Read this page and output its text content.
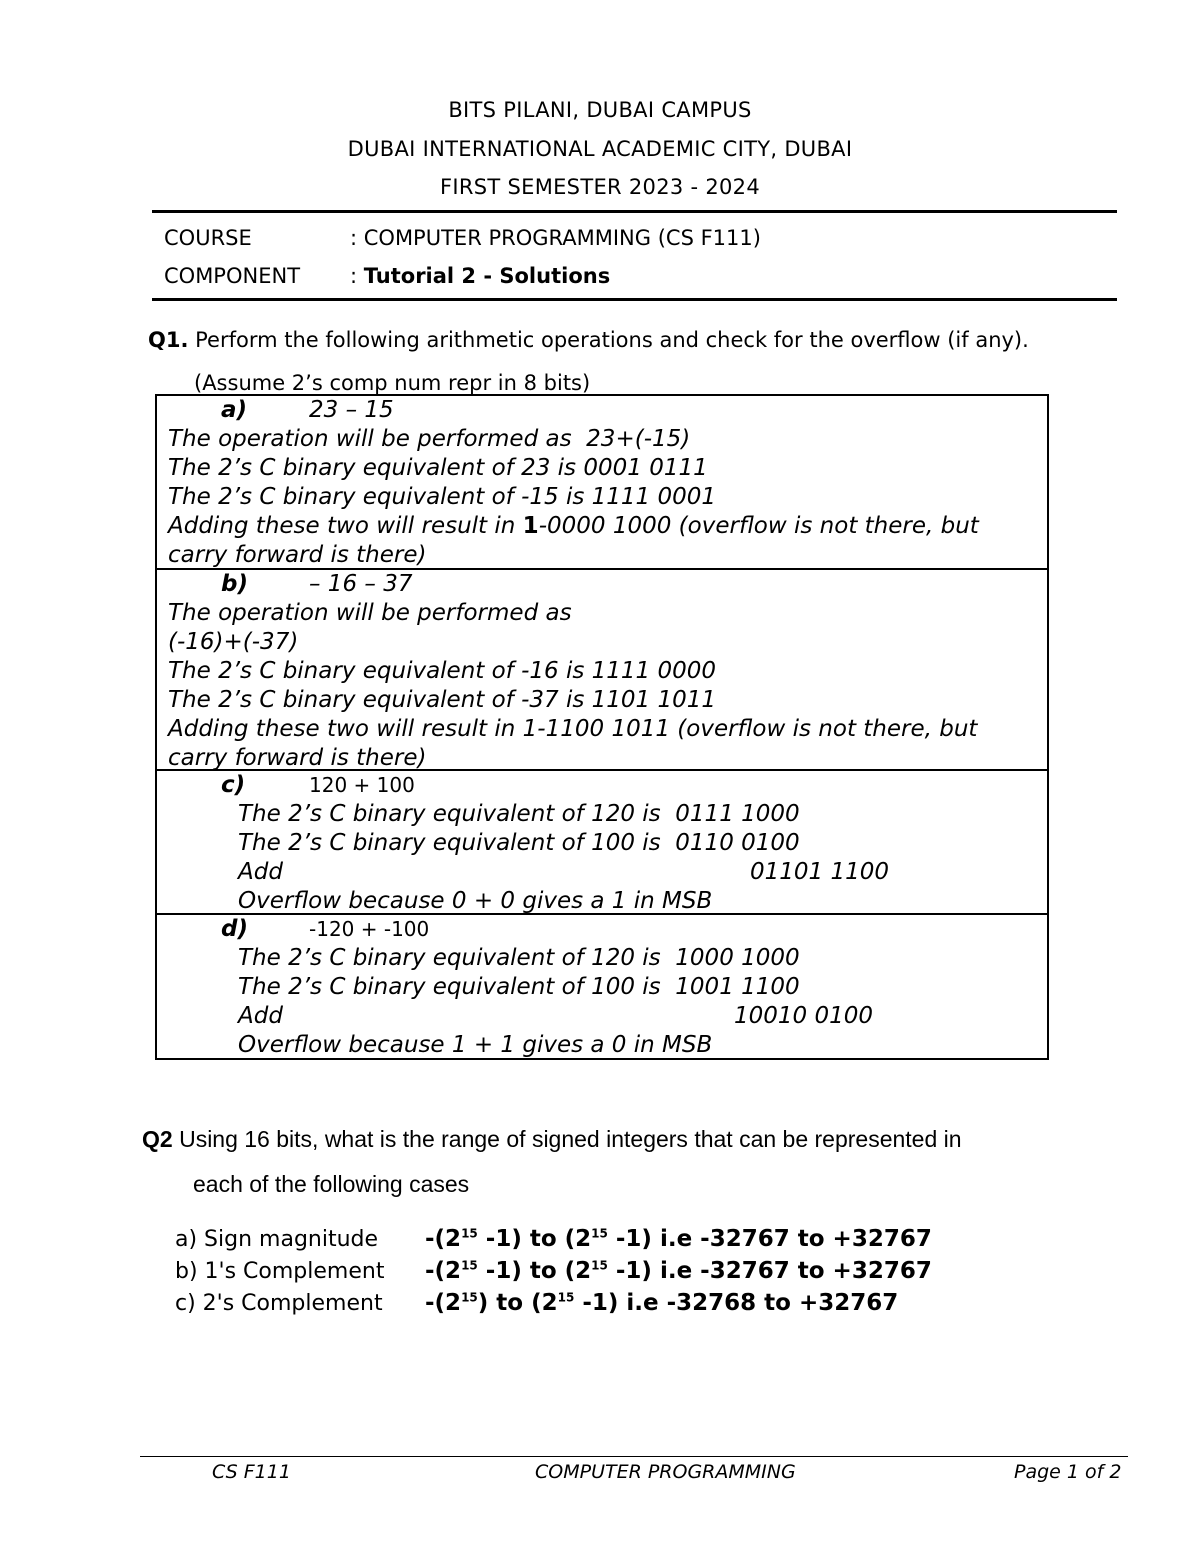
BITS PILANI, DUBAI CAMPUS
DUBAI INTERNATIONAL ACADEMIC CITY, DUBAI
FIRST SEMESTER 2023 - 2024
COURSE	: COMPUTER PROGRAMMING (CS F111)
COMPONENT : Tutorial 2 - Solutions
Q1. Perform the following arithmetic operations and check for the overflow (if any).
(Assume 2’s comp num repr in 8 bits)
a)	23 – 15
The operation will be performed as  23+(-15)
The 2’s C binary equivalent of 23 is 0001 0111
The 2’s C binary equivalent of -15 is 1111 0001
Adding these two will result in 1-0000 1000 (overflow is not there, but
carry forward is there)
b)	– 16 – 37
The operation will be performed as
(-16)+(-37)
The 2’s C binary equivalent of -16 is 1111 0000
The 2’s C binary equivalent of -37 is 1101 1011
Adding these two will result in 1-1100 1011 (overflow is not there, but
carry forward is there)
c)	120 + 100
The 2’s C binary equivalent of 120 is  0111 1000
The 2’s C binary equivalent of 100 is  0110 0100
Add	01101 1100
Overflow because 0 + 0 gives a 1 in MSB
d)	-120 + -100
The 2’s C binary equivalent of 120 is  1000 1000
The 2’s C binary equivalent of 100 is  1001 1100
Add	10010 0100
Overflow because 1 + 1 gives a 0 in MSB
Q2 Using 16 bits, what is the range of signed integers that can be represented in
each of the following cases
a) Sign magnitude $-(2^{15}$ -1) to ($2^{15}$ -1) i.e -32767 to +32767
b) 1's Complement $-(2^{15}$ -1) to ($2^{15}$ -1) i.e -32767 to +32767
c) 2's Complement $-(2^{15})$ to ($2^{15}$ -1) i.e -32768 to +32767
CS F111	COMPUTER PROGRAMMING	Page 1 of 2
